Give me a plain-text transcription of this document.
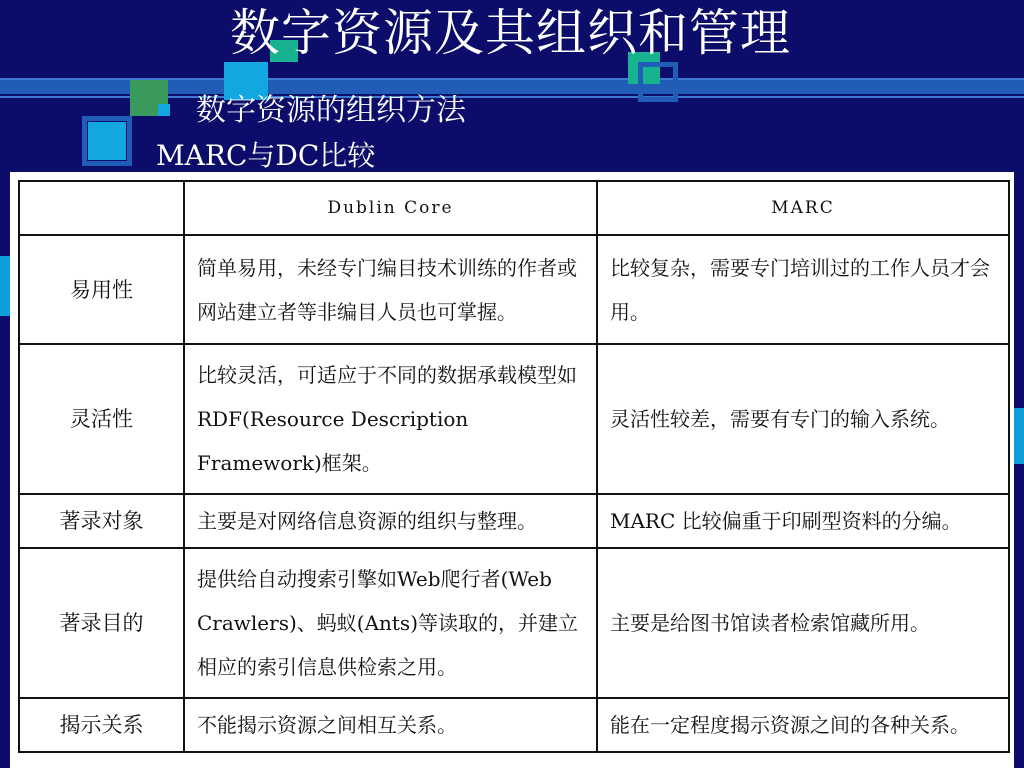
数字资源及其组织和管理
数字资源的组织方法
MARC与DC比较
	Dublin Core	MARC
易用性	简单易用，未经专门编目技术训练的作者或网站建立者等非编目人员也可掌握。	比较复杂，需要专门培训过的工作人员才会用。
灵活性	比较灵活，可适应于不同的数据承载模型如RDF(Resource Description Framework)框架。	灵活性较差，需要有专门的输入系统。
著录对象	主要是对网络信息资源的组织与整理。	MARC 比较偏重于印刷型资料的分编。
著录目的	提供给自动搜索引擎如Web爬行者(Web Crawlers)、蚂蚁(Ants)等读取的，并建立相应的索引信息供检索之用。	主要是给图书馆读者检索馆藏所用。
揭示关系	不能揭示资源之间相互关系。	能在一定程度揭示资源之间的各种关系。
